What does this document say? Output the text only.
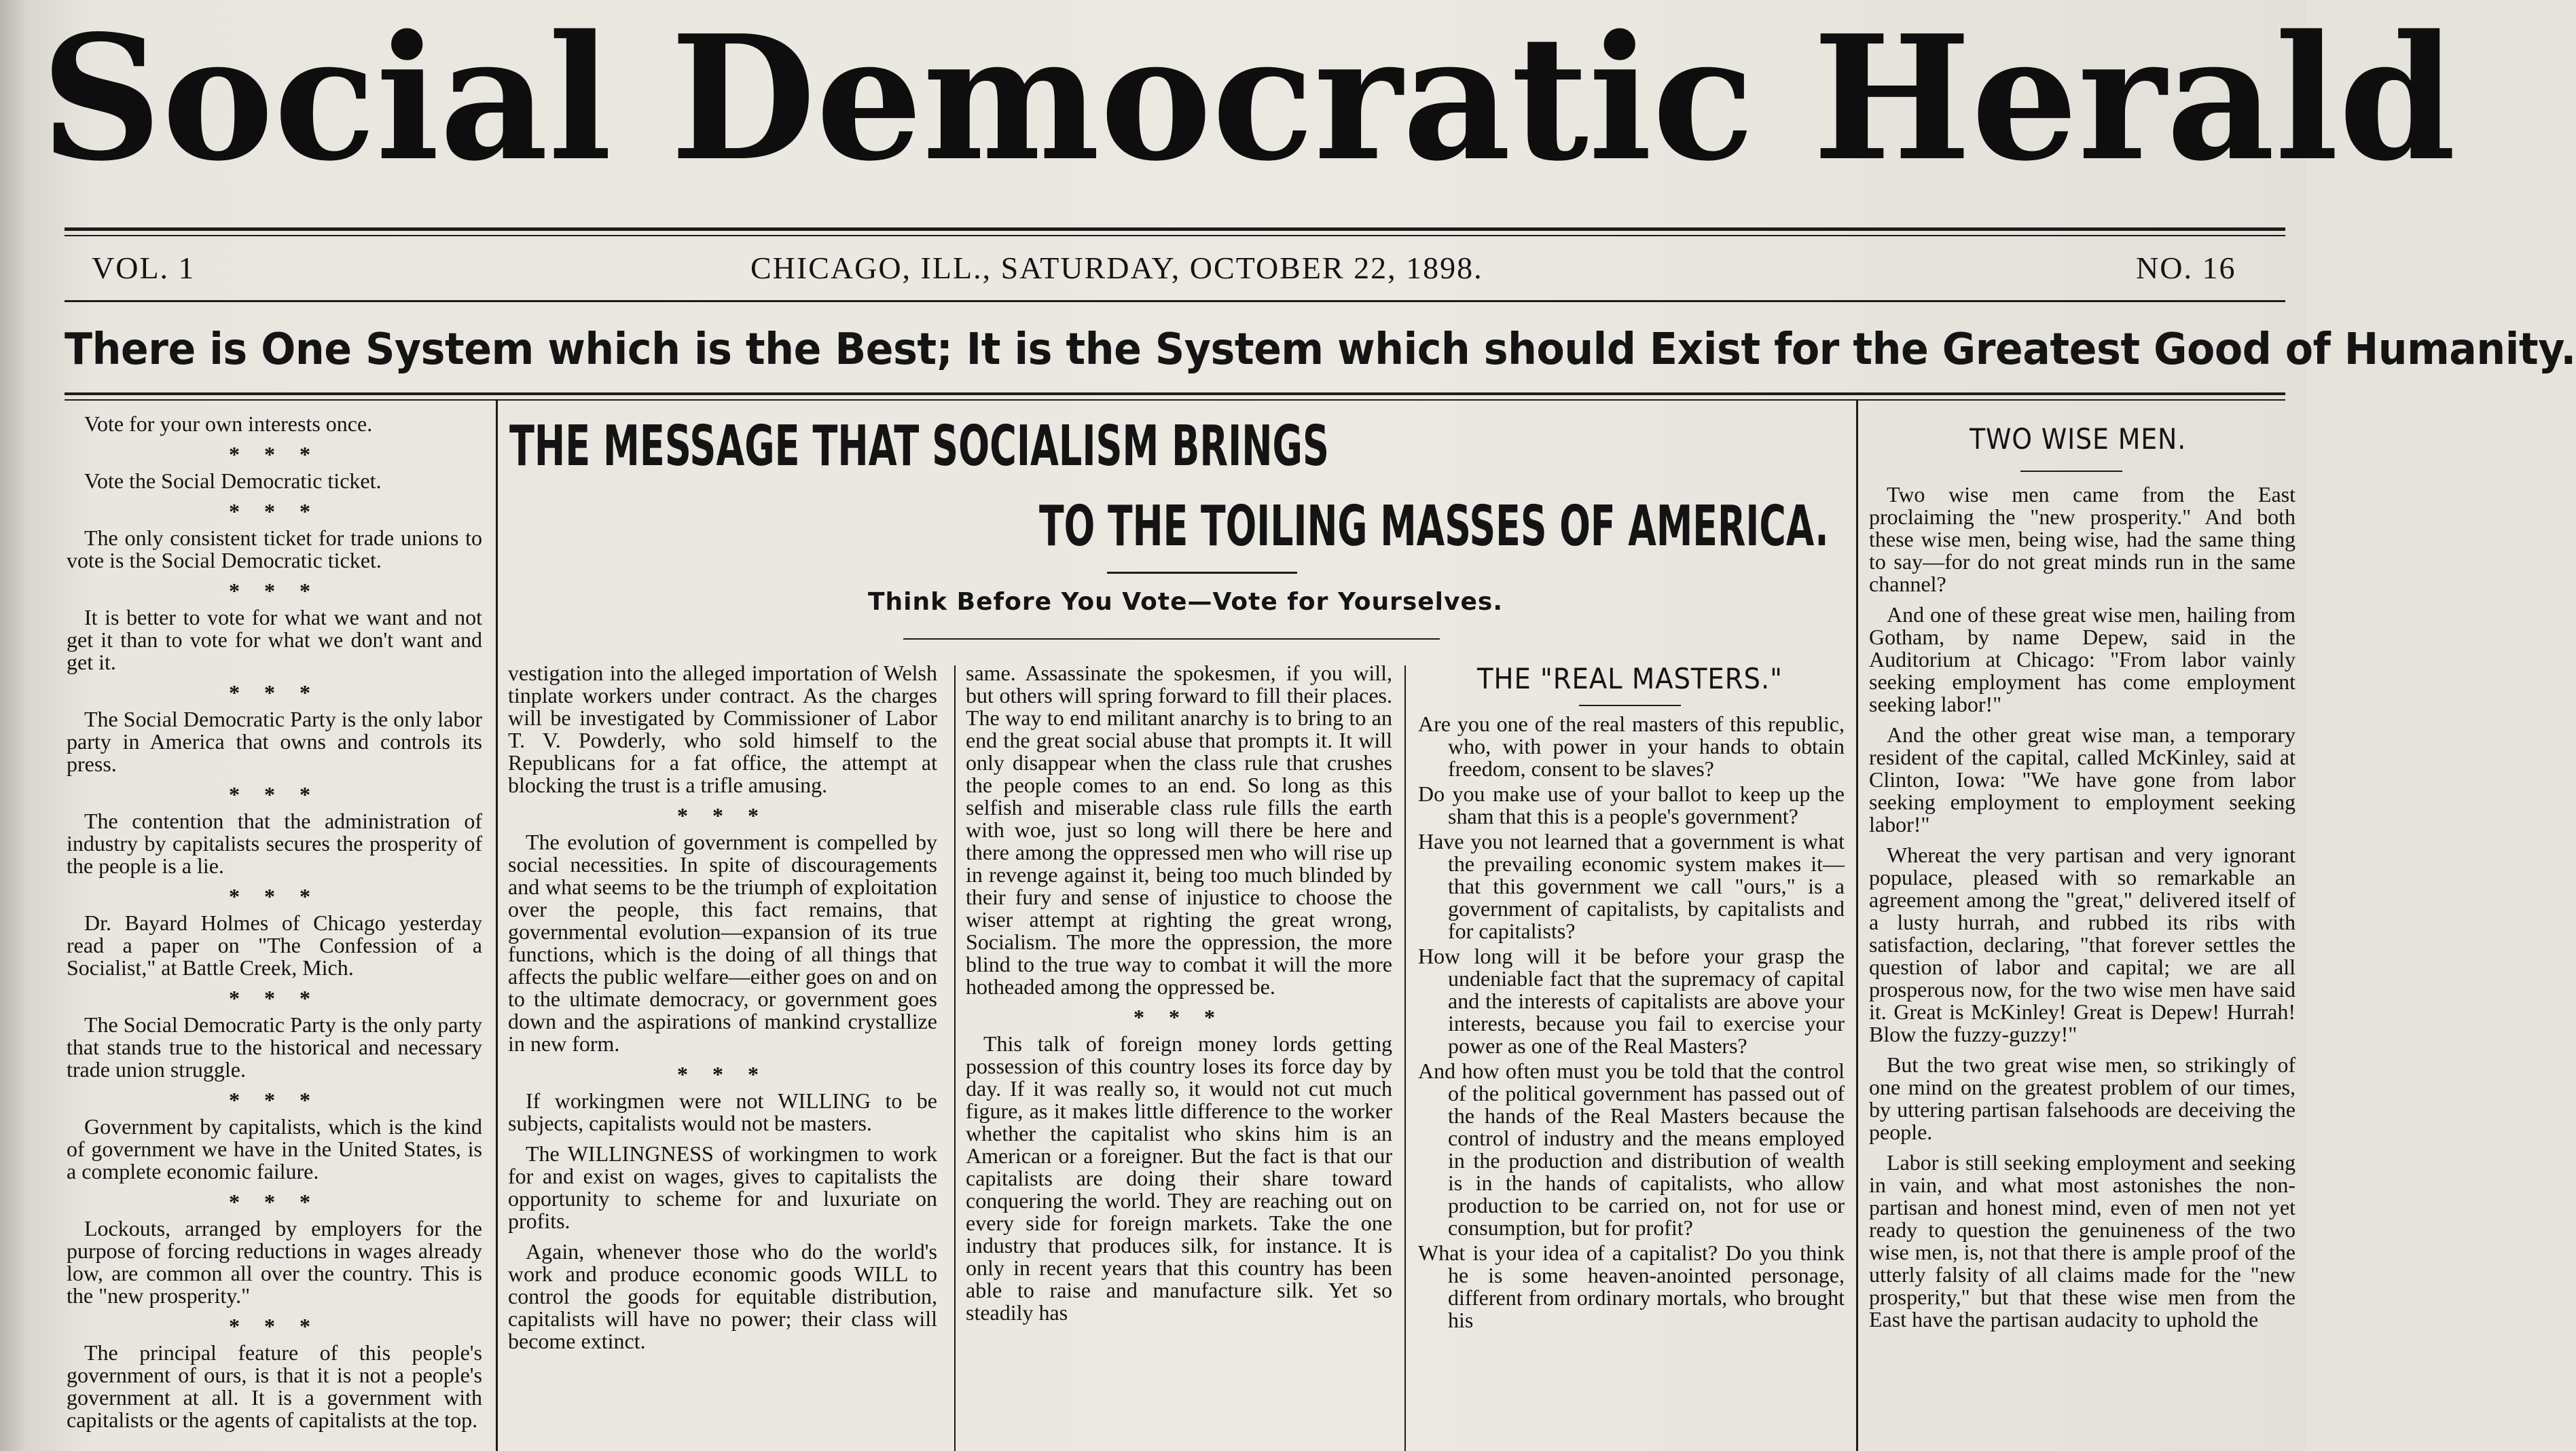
Social Democratic Herald
VOL. 1	CHICAGO, ILL., SATURDAY, OCTOBER 22, 1898.	NO. 16
There is One System which is the Best; It is the System which should Exist for the Greatest Good of Humanity.

Vote for your own interests once.

* * *

Vote the Social Democratic ticket.

* * *

The only consistent ticket for trade unions to vote is the Social Democratic ticket.

* * *

It is better to vote for what we want and not get it than to vote for what we don't want and get it.

* * *

The Social Democratic Party is the only labor party in America that owns and controls its press.

* * *

The contention that the administration of industry by capitalists secures the prosperity of the people is a lie.

* * *

Dr. Bayard Holmes of Chicago yesterday read a paper on "The Confession of a Socialist," at Battle Creek, Mich.

* * *

The Social Democratic Party is the only party that stands true to the historical and necessary trade union struggle.

* * *

Government by capitalists, which is the kind of government we have in the United States, is a complete economic failure.

* * *

Lockouts, arranged by employers for the purpose of forcing reductions in wages already low, are common all over the country. This is the "new prosperity."

* * *

The principal feature of this people's government of ours, is that it is not a people's government at all. It is a government with capitalists or the agents of capitalists at the top.

THE MESSAGE THAT SOCIALISM BRINGS
TO THE TOILING MASSES OF AMERICA.
Think Before You Vote—Vote for Yourselves.

vestigation into the alleged importation of Welsh tinplate workers under contract. As the charges will be investigated by Commissioner of Labor T. V. Powderly, who sold himself to the Republicans for a fat office, the attempt at blocking the trust is a trifle amusing.

* * *

The evolution of government is compelled by social necessities. In spite of discouragements and what seems to be the triumph of exploitation over the people, this fact remains, that governmental evolution—expansion of its true functions, which is the doing of all things that affects the public welfare—either goes on and on to the ultimate democracy, or government goes down and the aspirations of mankind crystallize in new form.

* * *

If workingmen were not WILLING to be subjects, capitalists would not be masters.

The WILLINGNESS of workingmen to work for and exist on wages, gives to capitalists the opportunity to scheme for and luxuriate on profits.

Again, whenever those who do the world's work and produce economic goods WILL to control the goods for equitable distribution, capitalists will have no power; their class will become extinct.

same. Assassinate the spokesmen, if you will, but others will spring forward to fill their places. The way to end militant anarchy is to bring to an end the great social abuse that prompts it. It will only disappear when the class rule that crushes the people comes to an end. So long as this selfish and miserable class rule fills the earth with woe, just so long will there be here and there among the oppressed men who will rise up in revenge against it, being too much blinded by their fury and sense of injustice to choose the wiser attempt at righting the great wrong, Socialism. The more the oppression, the more blind to the true way to combat it will the more hotheaded among the oppressed be.

* * *

This talk of foreign money lords getting possession of this country loses its force day by day. If it was really so, it would not cut much figure, as it makes little difference to the worker whether the capitalist who skins him is an American or a foreigner. But the fact is that our capitalists are doing their share toward conquering the world. They are reaching out on every side for foreign markets. Take the one industry that produces silk, for instance. It is only in recent years that this country has been able to raise and manufacture silk. Yet so steadily has

THE "REAL MASTERS."

Are you one of the real masters of this republic, who, with power in your hands to obtain freedom, consent to be slaves?

Do you make use of your ballot to keep up the sham that this is a people's government?

Have you not learned that a government is what the prevailing economic system makes it—that this government we call "ours," is a government of capitalists, by capitalists and for capitalists?

How long will it be before your grasp the undeniable fact that the supremacy of capital and the interests of capitalists are above your interests, because you fail to exercise your power as one of the Real Masters?

And how often must you be told that the control of the political government has passed out of the hands of the Real Masters because the control of industry and the means employed in the production and distribution of wealth is in the hands of capitalists, who allow production to be carried on, not for use or consumption, but for profit?

What is your idea of a capitalist? Do you think he is some heaven-anointed personage, different from ordinary mortals, who brought his

TWO WISE MEN.

Two wise men came from the East proclaiming the "new prosperity." And both these wise men, being wise, had the same thing to say—for do not great minds run in the same channel?

And one of these great wise men, hailing from Gotham, by name Depew, said in the Auditorium at Chicago: "From labor vainly seeking employment has come employment seeking labor!"

And the other great wise man, a temporary resident of the capital, called McKinley, said at Clinton, Iowa: "We have gone from labor seeking employment to employment seeking labor!"

Whereat the very partisan and very ignorant populace, pleased with so remarkable an agreement among the "great," delivered itself of a lusty hurrah, and rubbed its ribs with satisfaction, declaring, "that forever settles the question of labor and capital; we are all prosperous now, for the two wise men have said it. Great is McKinley! Great is Depew! Hurrah! Blow the fuzzy-guzzy!"

But the two great wise men, so strikingly of one mind on the greatest problem of our times, by uttering partisan falsehoods are deceiving the people.

Labor is still seeking employment and seeking in vain, and what most astonishes the non-partisan and honest mind, even of men not yet ready to question the genuineness of the two wise men, is, not that there is ample proof of the utterly falsity of all claims made for the "new prosperity," but that these wise men from the East have the partisan audacity to uphold the
